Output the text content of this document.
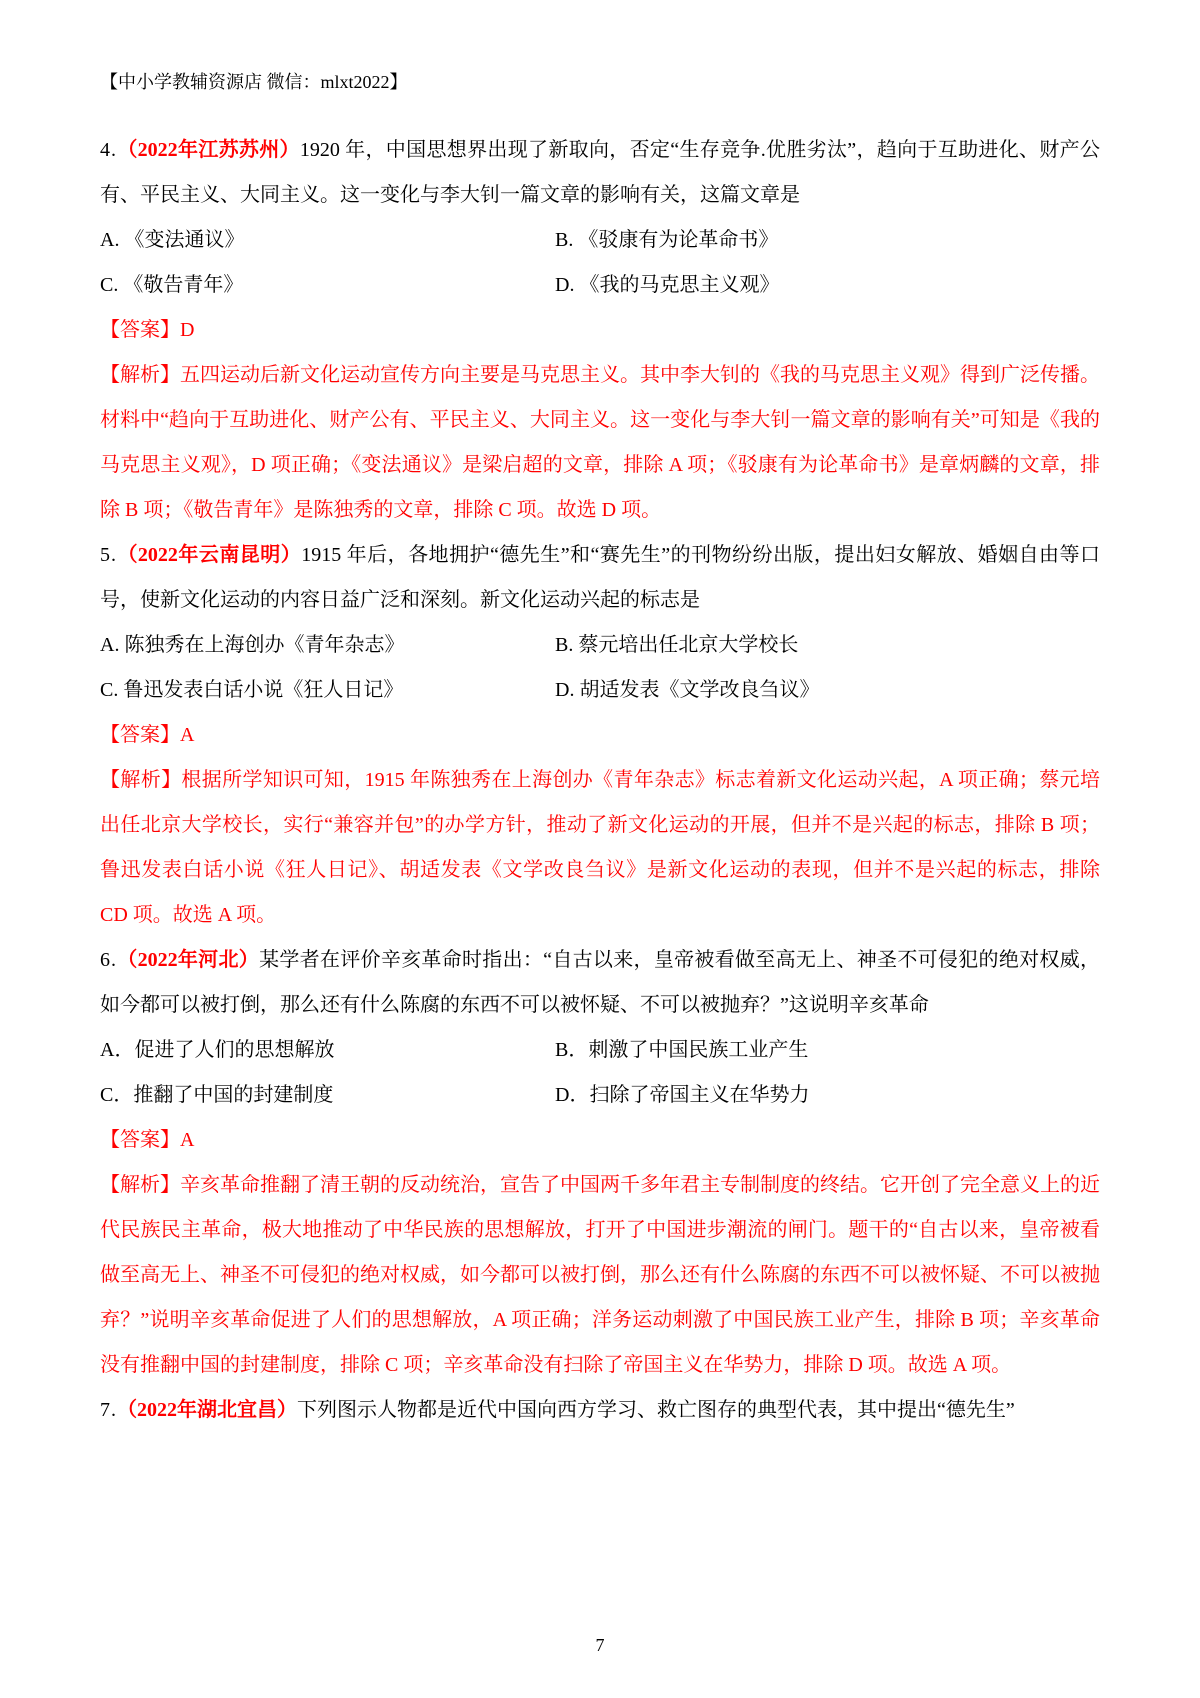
【中小学教辅资源店 微信：mlxt2022】

4.（2022年江苏苏州）1920 年，中国思想界出现了新取向，否定“生存竞争.优胜劣汰”，趋向于互助进化、财产公有、平民主义、大同主义。这一变化与李大钊一篇文章的影响有关，这篇文章是

A. 《变法通议》	B. 《驳康有为论革命书》
C. 《敬告青年》	D. 《我的马克思主义观》

【答案】D

【解析】五四运动后新文化运动宣传方向主要是马克思主义。其中李大钊的《我的马克思主义观》得到广泛传播。材料中“趋向于互助进化、财产公有、平民主义、大同主义。这一变化与李大钊一篇文章的影响有关”可知是《我的马克思主义观》，D 项正确；《变法通议》是梁启超的文章，排除 A 项；《驳康有为论革命书》是章炳麟的文章，排除 B 项；《敬告青年》是陈独秀的文章，排除 C 项。故选 D 项。

5.（2022年云南昆明）1915 年后，各地拥护“德先生”和“赛先生”的刊物纷纷出版，提出妇女解放、婚姻自由等口号，使新文化运动的内容日益广泛和深刻。新文化运动兴起的标志是

A. 陈独秀在上海创办《青年杂志》	B. 蔡元培出任北京大学校长
C. 鲁迅发表白话小说《狂人日记》	D. 胡适发表《文学改良刍议》

【答案】A

【解析】根据所学知识可知，1915 年陈独秀在上海创办《青年杂志》标志着新文化运动兴起，A 项正确；蔡元培出任北京大学校长，实行“兼容并包”的办学方针，推动了新文化运动的开展，但并不是兴起的标志，排除 B 项；鲁迅发表白话小说《狂人日记》、胡适发表《文学改良刍议》是新文化运动的表现，但并不是兴起的标志，排除 CD 项。故选 A 项。

6.（2022年河北）某学者在评价辛亥革命时指出：“自古以来，皇帝被看做至高无上、神圣不可侵犯的绝对权威，如今都可以被打倒，那么还有什么陈腐的东西不可以被怀疑、不可以被抛弃？”这说明辛亥革命

A．促进了人们的思想解放	B．刺激了中国民族工业产生
C．推翻了中国的封建制度	D．扫除了帝国主义在华势力

【答案】A

【解析】辛亥革命推翻了清王朝的反动统治，宣告了中国两千多年君主专制制度的终结。它开创了完全意义上的近代民族民主革命，极大地推动了中华民族的思想解放，打开了中国进步潮流的闸门。题干的“自古以来，皇帝被看做至高无上、神圣不可侵犯的绝对权威，如今都可以被打倒，那么还有什么陈腐的东西不可以被怀疑、不可以被抛弃？”说明辛亥革命促进了人们的思想解放，A 项正确；洋务运动刺激了中国民族工业产生，排除 B 项；辛亥革命没有推翻中国的封建制度，排除 C 项；辛亥革命没有扫除了帝国主义在华势力，排除 D 项。故选 A 项。

7.（2022年湖北宜昌）下列图示人物都是近代中国向西方学习、救亡图存的典型代表，其中提出“德先生”

7
